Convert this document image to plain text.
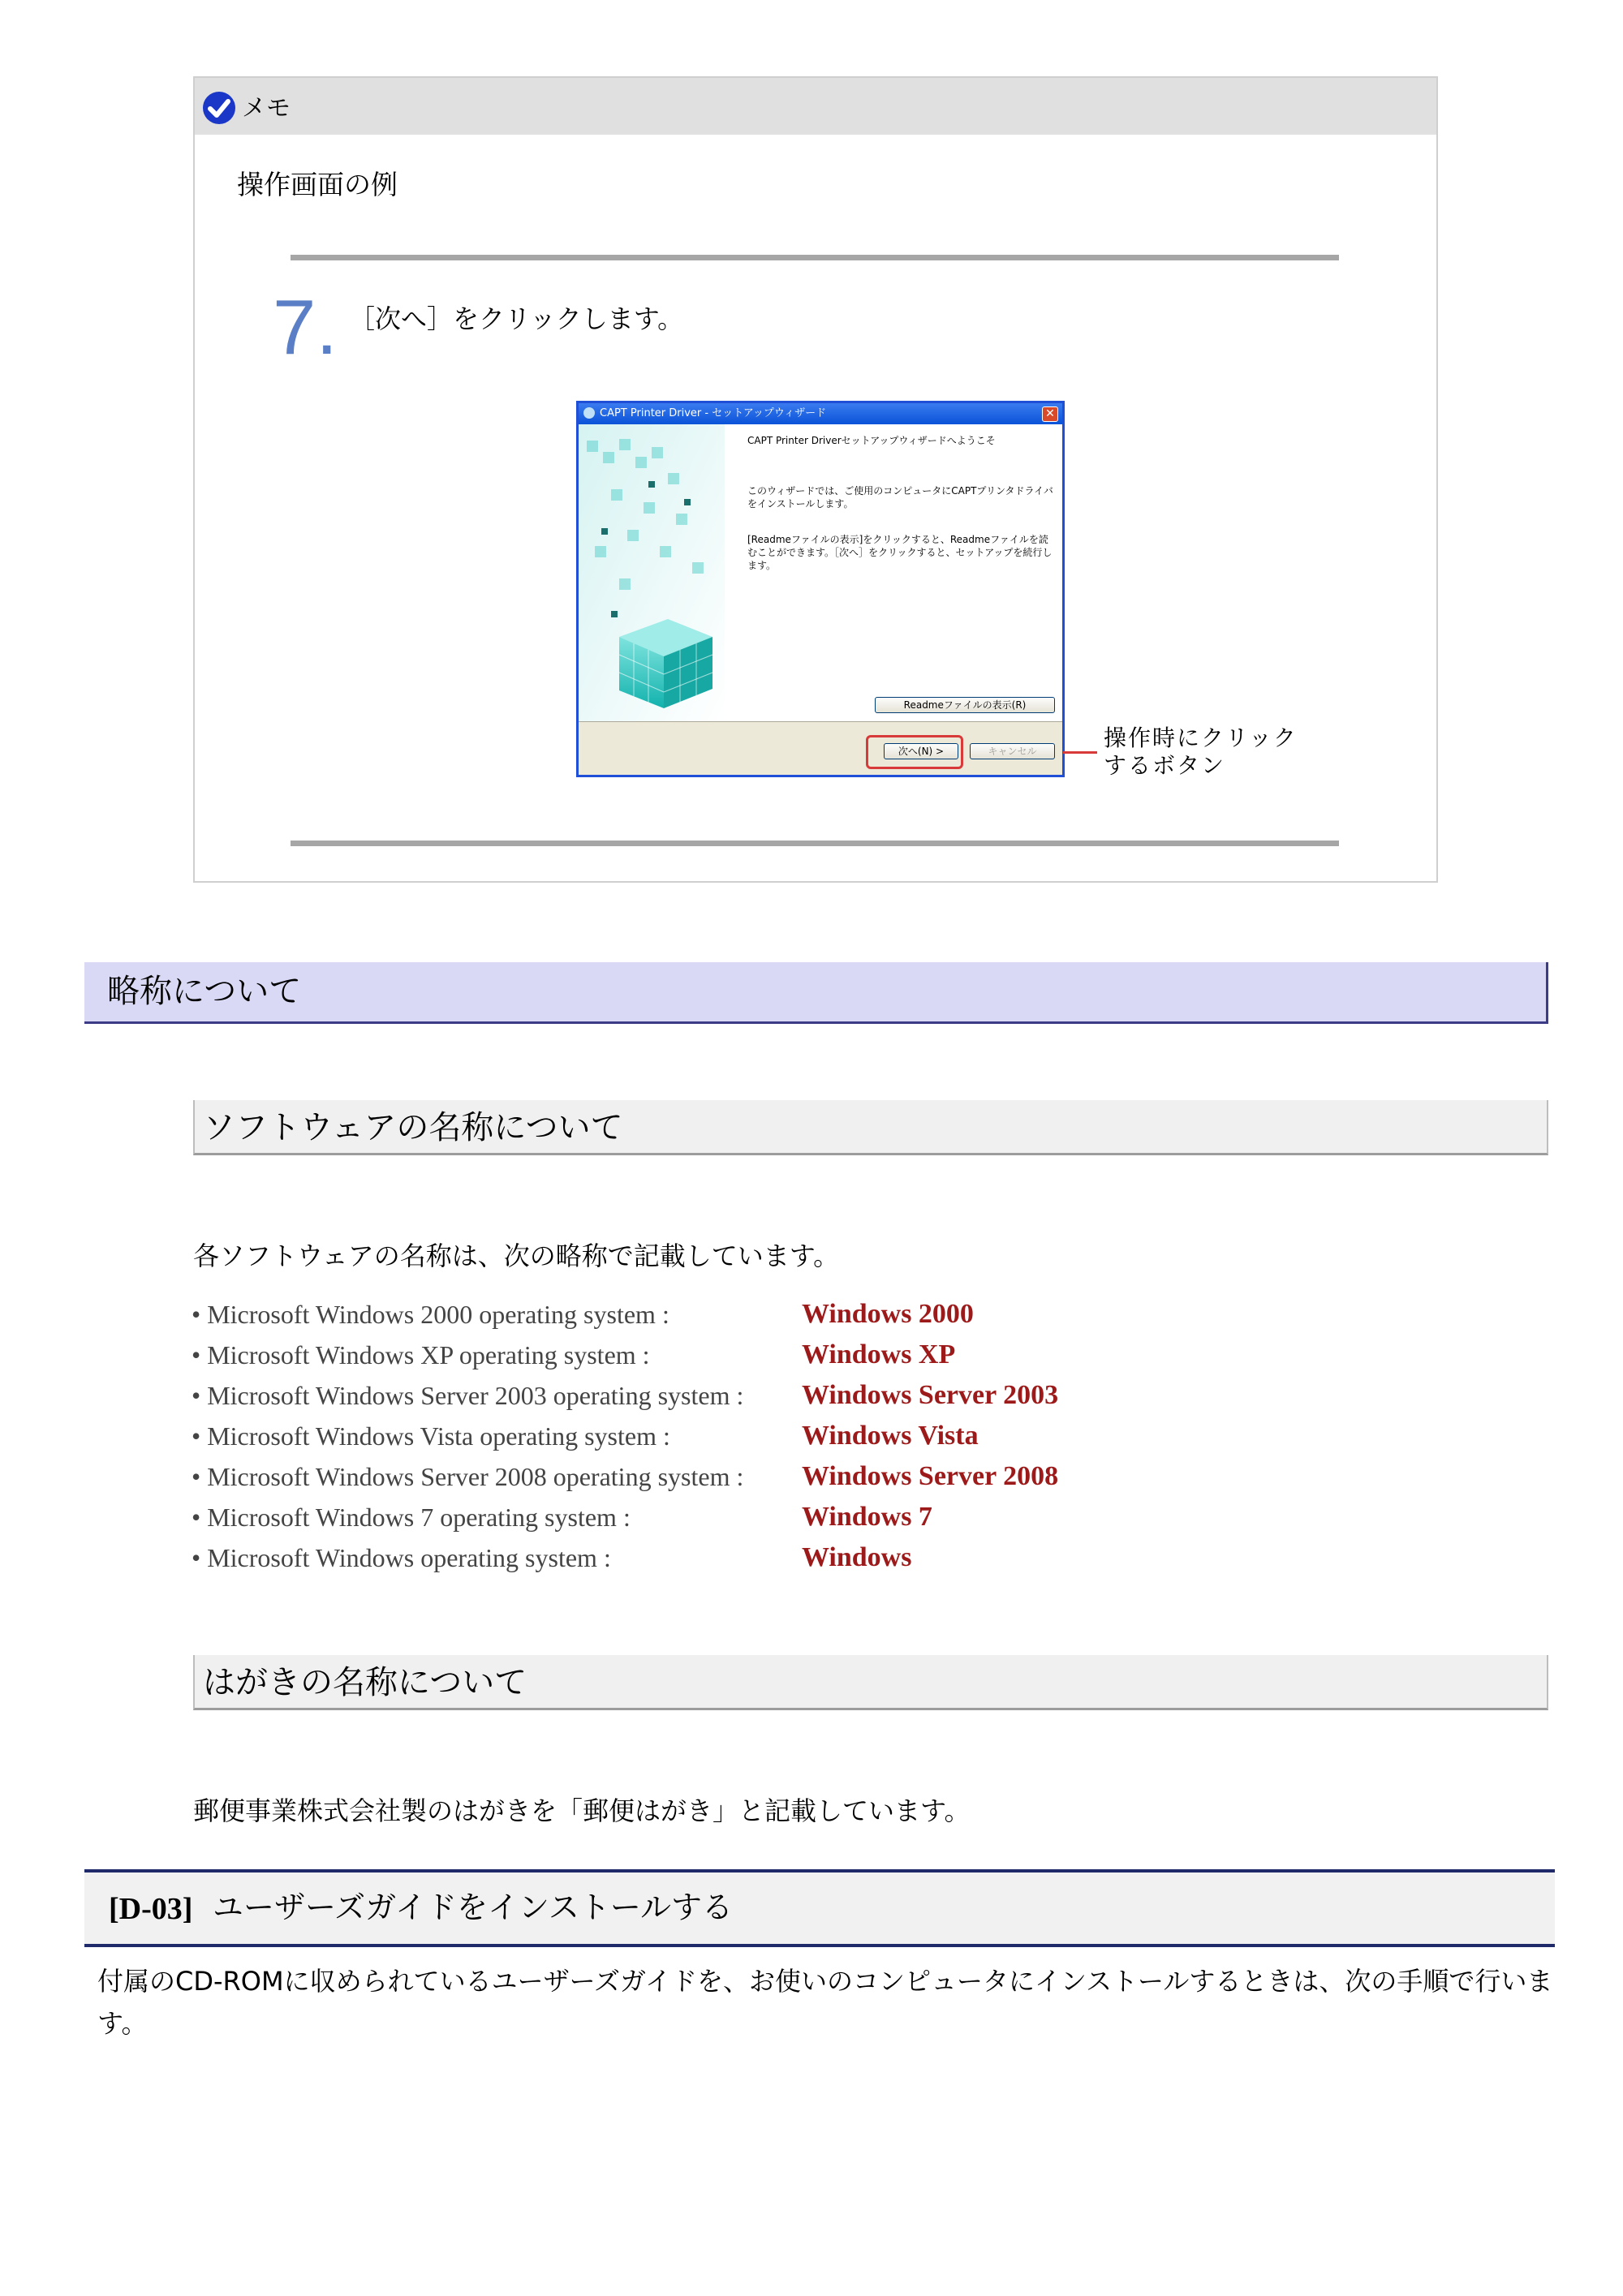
メモ
操作画面の例
7. ［次へ］をクリックします。
CAPT Printer Driver - セットアップウィザード	✕
CAPT Printer Driverセットアップウィザードへようこそ
このウィザードでは、ご使用のコンピュータにCAPTプリンタドライバをインストールします。
[Readmeファイルの表示]をクリックすると、Readmeファイルを読むことができます。［次へ］をクリックすると、セットアップを続行します。
Readmeファイルの表示(R)
次へ(N) >	キャンセル	操作時にクリック
するボタン
略称について
ソフトウェアの名称について
各ソフトウェアの名称は、次の略称で記載しています。
• Microsoft Windows 2000 operating system :	Windows 2000
• Microsoft Windows XP operating system :	Windows XP
• Microsoft Windows Server 2003 operating system : Windows Server 2003
• Microsoft Windows Vista operating system :	Windows Vista
• Microsoft Windows Server 2008 operating system : Windows Server 2008
• Microsoft Windows 7 operating system :	Windows 7
• Microsoft Windows operating system :	Windows
はがきの名称について
郵便事業株式会社製のはがきを「郵便はがき」と記載しています。
[D-03] ユーザーズガイドをインストールする
付属のCD-ROMに収められているユーザーズガイドを、お使いのコンピュータにインストールするときは、次の手順で行います。
